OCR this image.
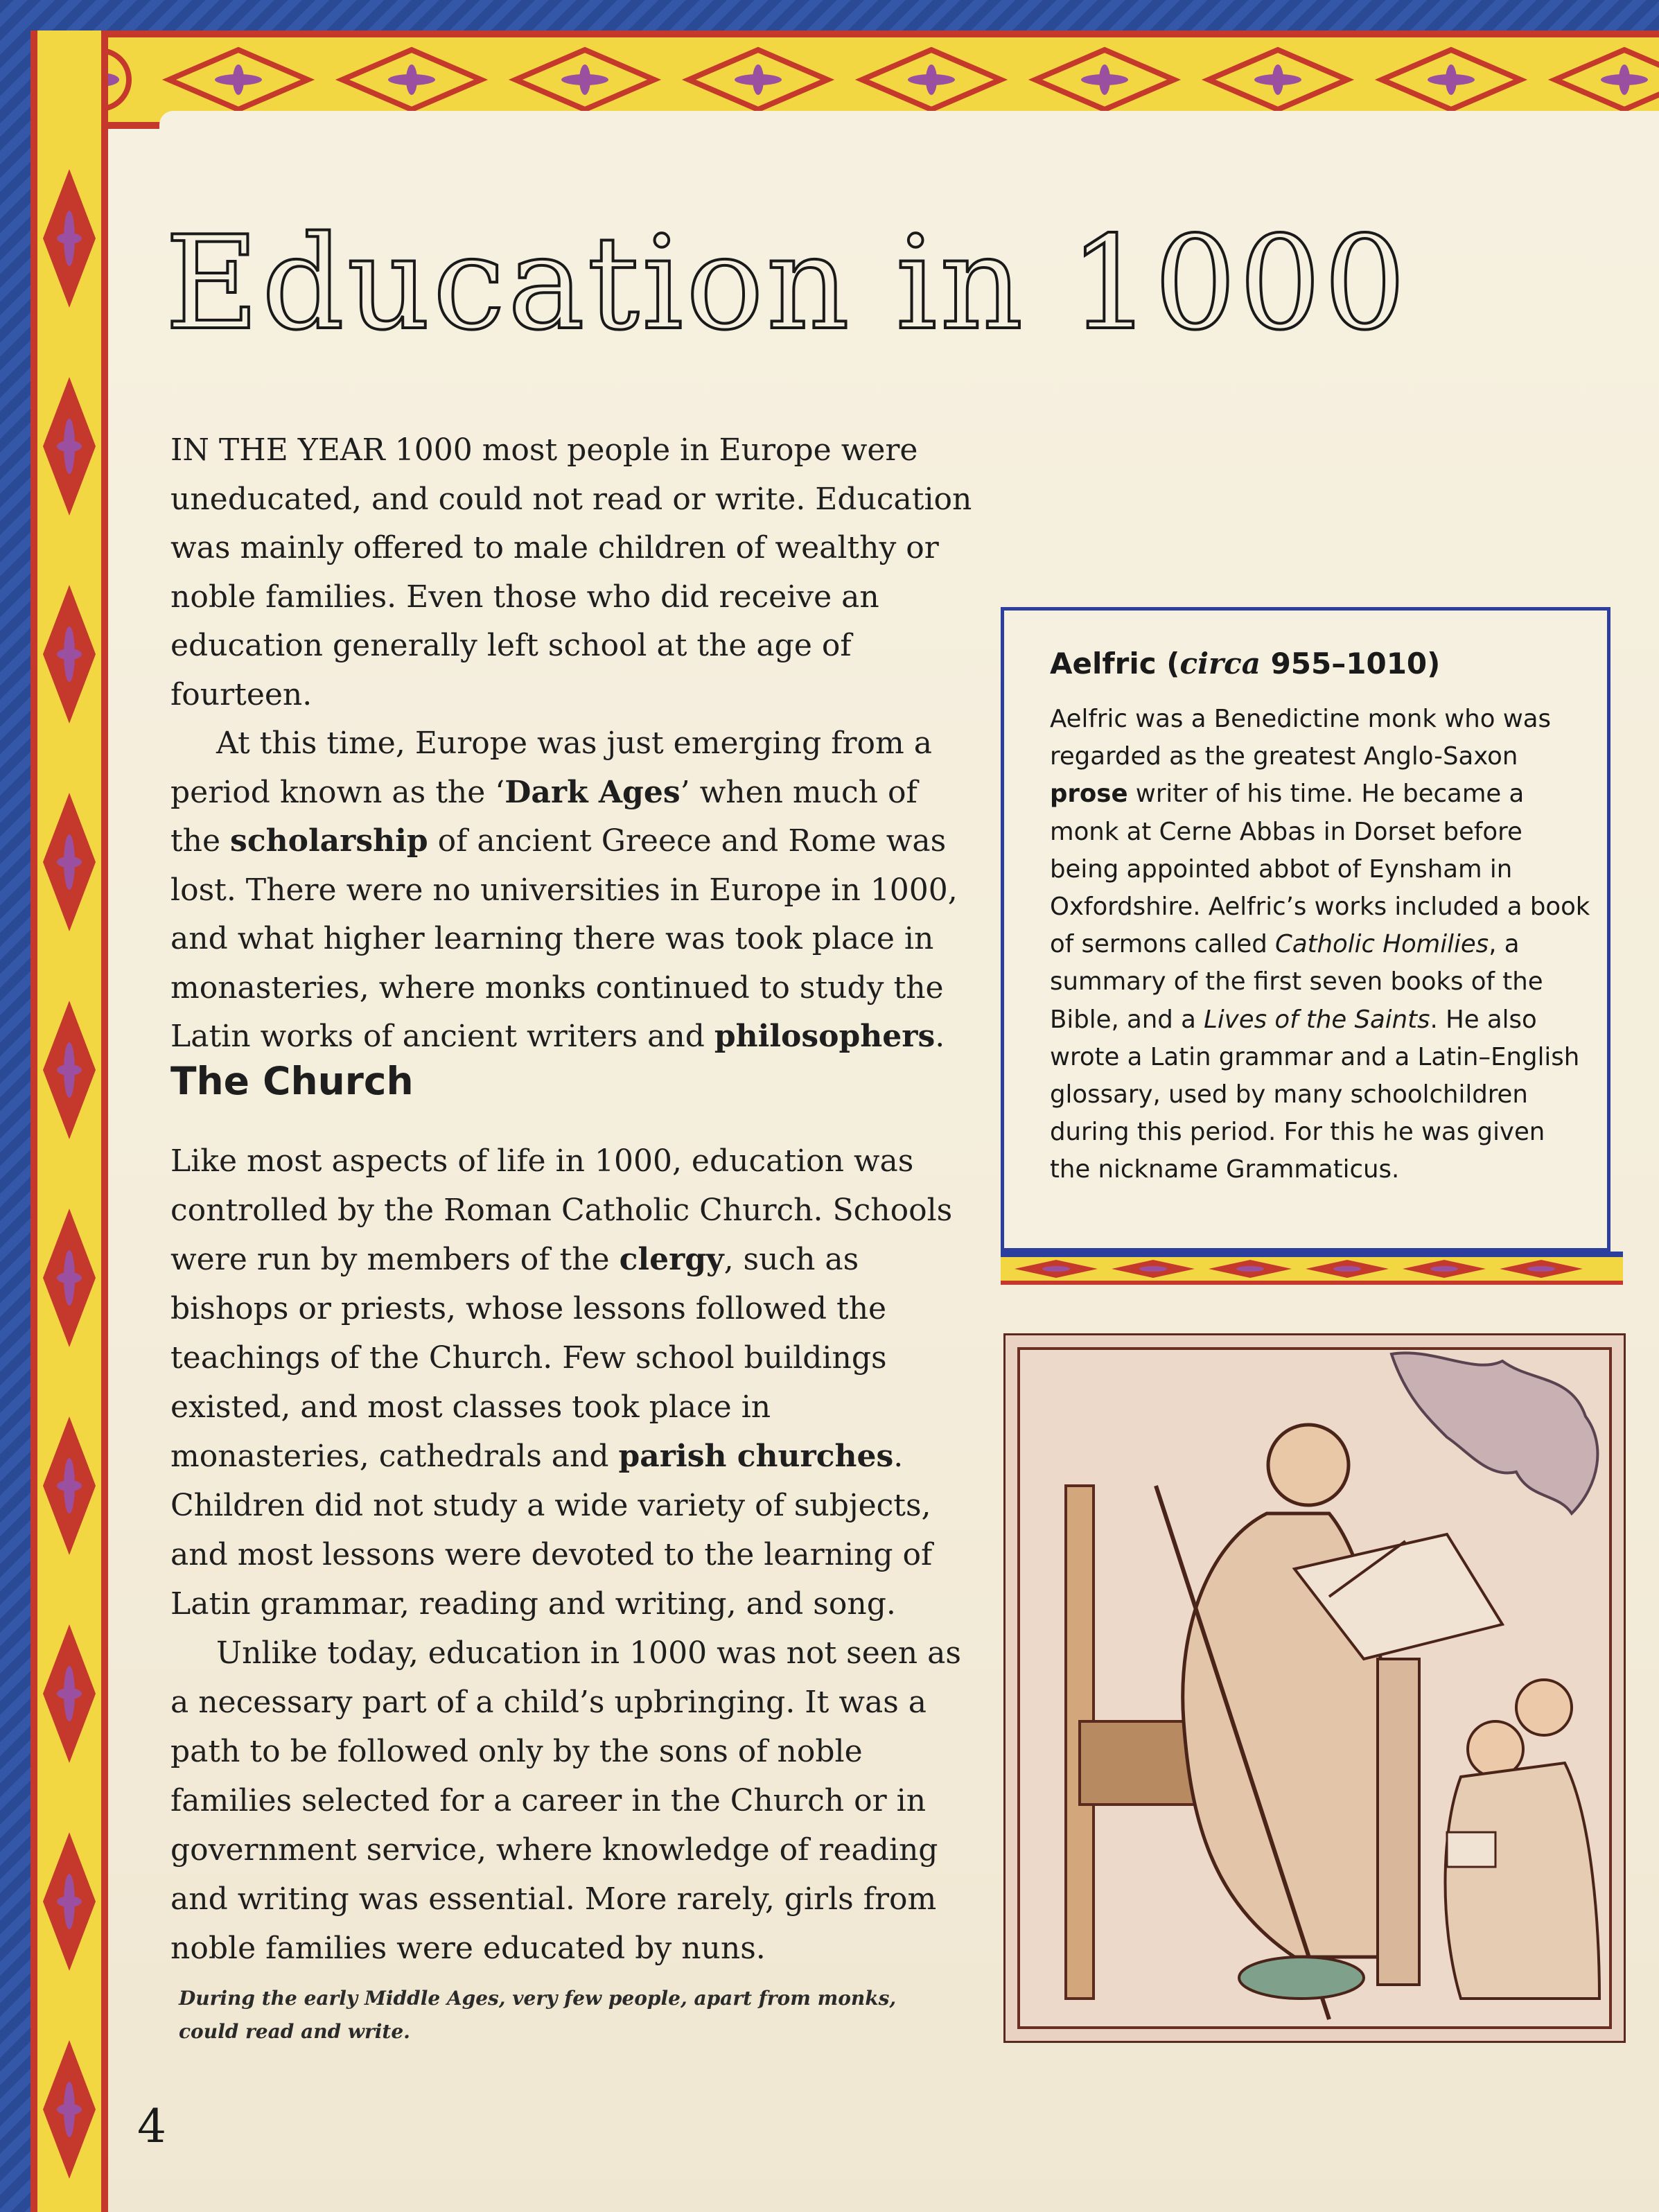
Education in 1000

IN THE YEAR 1000 most people in Europe were uneducated, and could not read or write. Education was mainly offered to male children of wealthy or noble families. Even those who did receive an education generally left school at the age of fourteen.

At this time, Europe was just emerging from a period known as the ‘Dark Ages’ when much of the scholarship of ancient Greece and Rome was lost. There were no universities in Europe in 1000, and what higher learning there was took place in monasteries, where monks continued to study the Latin works of ancient writers and philosophers.

The Church

Like most aspects of life in 1000, education was controlled by the Roman Catholic Church. Schools were run by members of the clergy, such as bishops or priests, whose lessons followed the teachings of the Church. Few school buildings existed, and most classes took place in monasteries, cathedrals and parish churches. Children did not study a wide variety of subjects, and most lessons were devoted to the learning of Latin grammar, reading and writing, and song.

Unlike today, education in 1000 was not seen as a necessary part of a child’s upbringing. It was a path to be followed only by the sons of noble families selected for a career in the Church or in government service, where knowledge of reading and writing was essential. More rarely, girls from noble families were educated by nuns.

During the early Middle Ages, very few people, apart from monks, could read and write.

4

Aelfric (circa 955–1010)

Aelfric was a Benedictine monk who was regarded as the greatest Anglo-Saxon prose writer of his time. He became a monk at Cerne Abbas in Dorset before being appointed abbot of Eynsham in Oxfordshire. Aelfric’s works included a book of sermons called Catholic Homilies, a summary of the first seven books of the Bible, and a Lives of the Saints. He also wrote a Latin grammar and a Latin–English glossary, used by many schoolchildren during this period. For this he was given the nickname Grammaticus.
